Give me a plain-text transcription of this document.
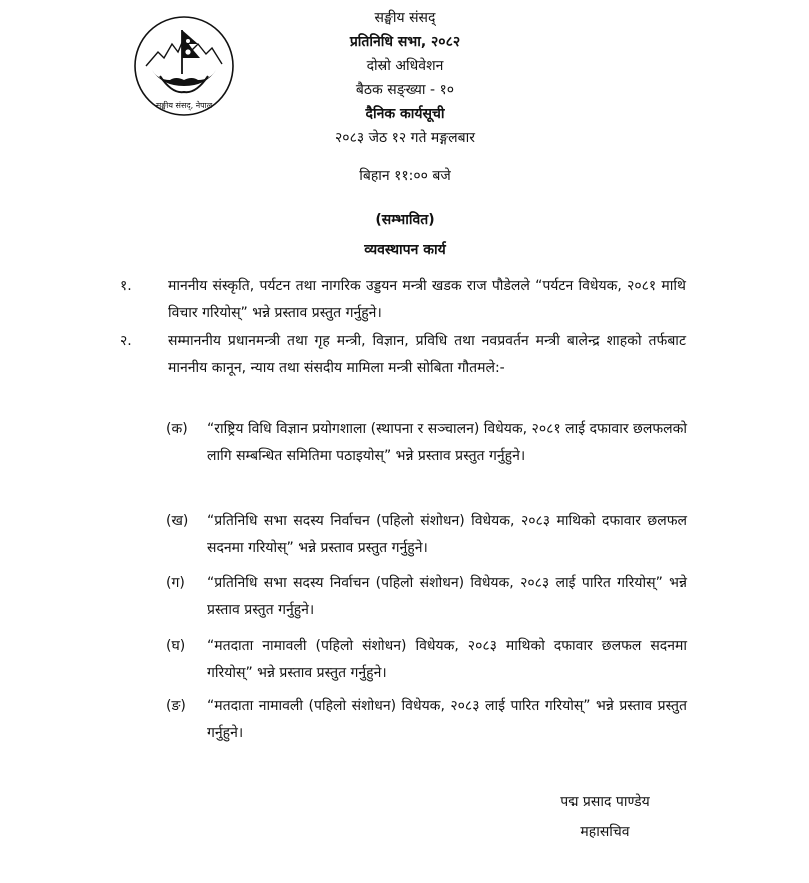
सङ्घीय संसद्, नेपाल

सङ्घीय संसद्

प्रतिनिधि सभा, २०८२

दोस्रो अधिवेशन

बैठक सङ्ख्या - १०

दैनिक कार्यसूची

२०८३ जेठ १२ गते मङ्गलबार

बिहान ११:०० बजे

(सम्भावित)
व्यवस्थापन कार्य
१.	माननीय संस्कृति, पर्यटन तथा नागरिक उड्डयन मन्त्री खडक राज पौडेलले “पर्यटन विधेयक, २०८१ माथि विचार गरियोस्” भन्ने प्रस्ताव प्रस्तुत गर्नुहुने।
२.	सम्माननीय प्रधानमन्त्री तथा गृह मन्त्री, विज्ञान, प्रविधि तथा नवप्रवर्तन मन्त्री बालेन्द्र शाहको तर्फबाट माननीय कानून, न्याय तथा संसदीय मामिला मन्त्री सोबिता गौतमले:-
(क) “राष्ट्रिय विधि विज्ञान प्रयोगशाला (स्थापना र सञ्चालन) विधेयक, २०८१ लाई दफावार छलफलको लागि सम्बन्धित समितिमा पठाइयोस्” भन्ने प्रस्ताव प्रस्तुत गर्नुहुने।
(ख) “प्रतिनिधि सभा सदस्य निर्वाचन (पहिलो संशोधन) विधेयक, २०८३ माथिको दफावार छलफल सदनमा गरियोस्” भन्ने प्रस्ताव प्रस्तुत गर्नुहुने।
(ग) “प्रतिनिधि सभा सदस्य निर्वाचन (पहिलो संशोधन) विधेयक, २०८३ लाई पारित गरियोस्” भन्ने प्रस्ताव प्रस्तुत गर्नुहुने।
(घ) “मतदाता नामावली (पहिलो संशोधन) विधेयक, २०८३ माथिको दफावार छलफल सदनमा गरियोस्” भन्ने प्रस्ताव प्रस्तुत गर्नुहुने।
(ङ) “मतदाता नामावली (पहिलो संशोधन) विधेयक, २०८३ लाई पारित गरियोस्” भन्ने प्रस्ताव प्रस्तुत गर्नुहुने।
पद्म प्रसाद पाण्डेय
महासचिव
